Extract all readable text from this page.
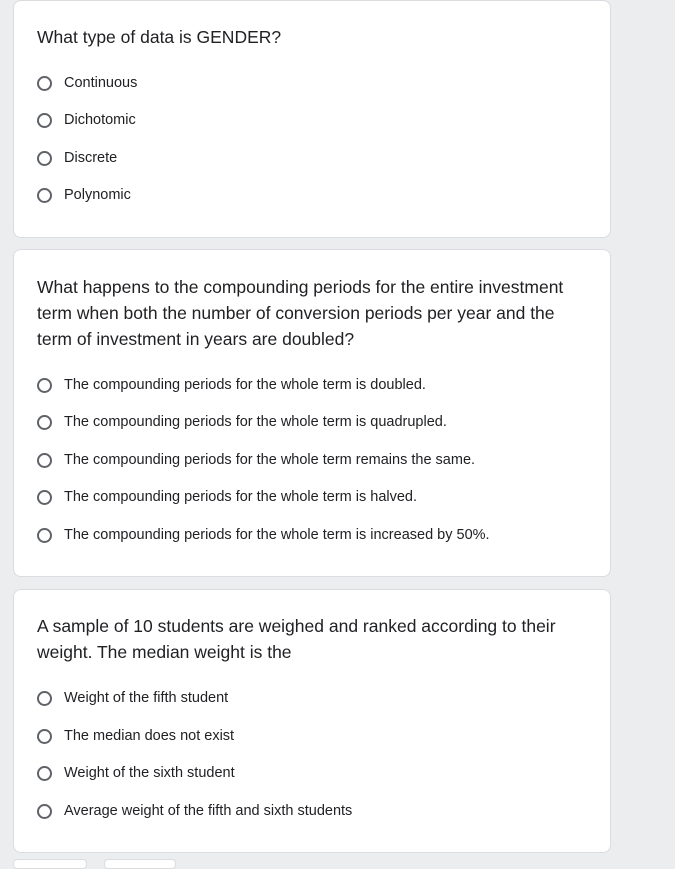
What type of data is GENDER?
Continuous
Dichotomic
Discrete
Polynomic
What happens to the compounding periods for the entire investment term when both the number of conversion periods per year and the term of investment in years are doubled?
The compounding periods for the whole term is doubled.
The compounding periods for the whole term is quadrupled.
The compounding periods for the whole term remains the same.
The compounding periods for the whole term is halved.
The compounding periods for the whole term is increased by 50%.
A sample of 10 students are weighed and ranked according to their weight. The median weight is the
Weight of the fifth student
The median does not exist
Weight of the sixth student
Average weight of the fifth and sixth students
